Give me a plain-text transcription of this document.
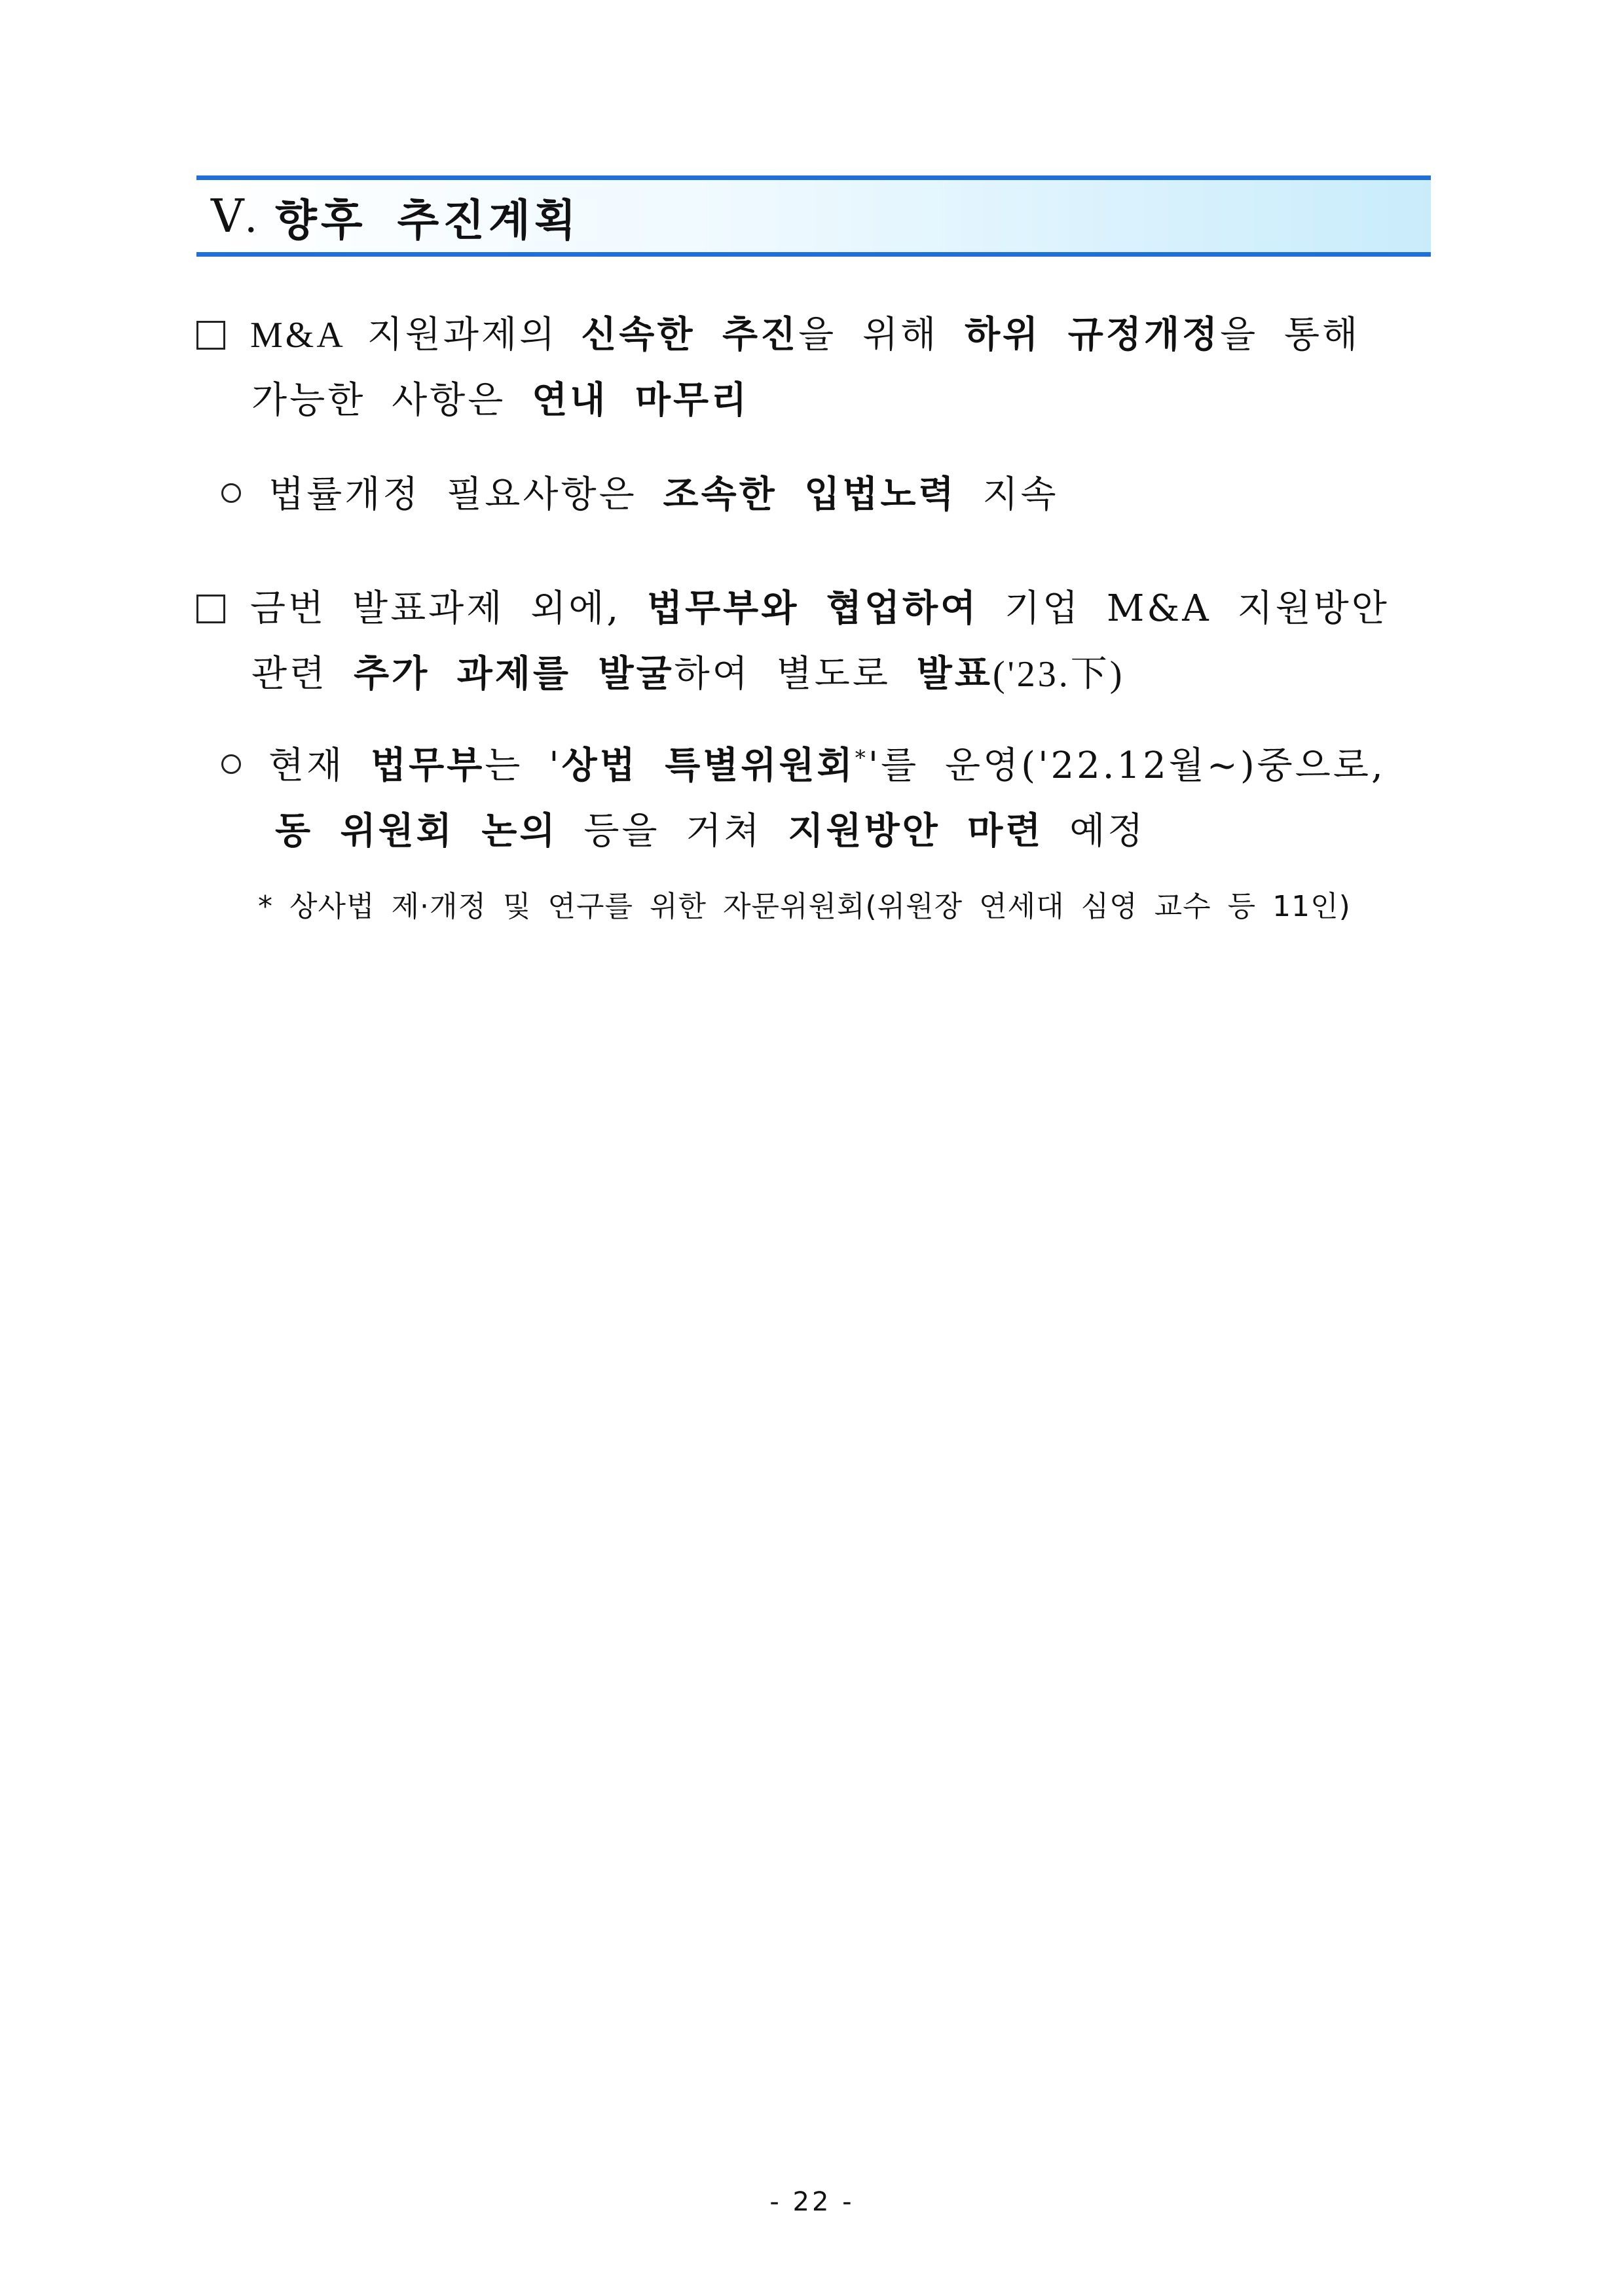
Ⅴ. 향후 추진계획
M&A 지원과제의 신속한 추진을 위해 하위 규정개정을 통해
가능한 사항은 연내 마무리
법률개정 필요사항은 조속한 입법노력 지속
금번 발표과제 외에, 법무부와 협업하여 기업 M&A 지원방안
관련 추가 과제를 발굴하여 별도로 발표('23.下)
현재 법무부는 '상법 특별위원회*'를 운영('22.12월~)중으로,
동 위원회 논의 등을 거쳐 지원방안 마련 예정
* 상사법 제·개정 및 연구를 위한 자문위원회(위원장 연세대 심영 교수 등 11인)
- 22 -
